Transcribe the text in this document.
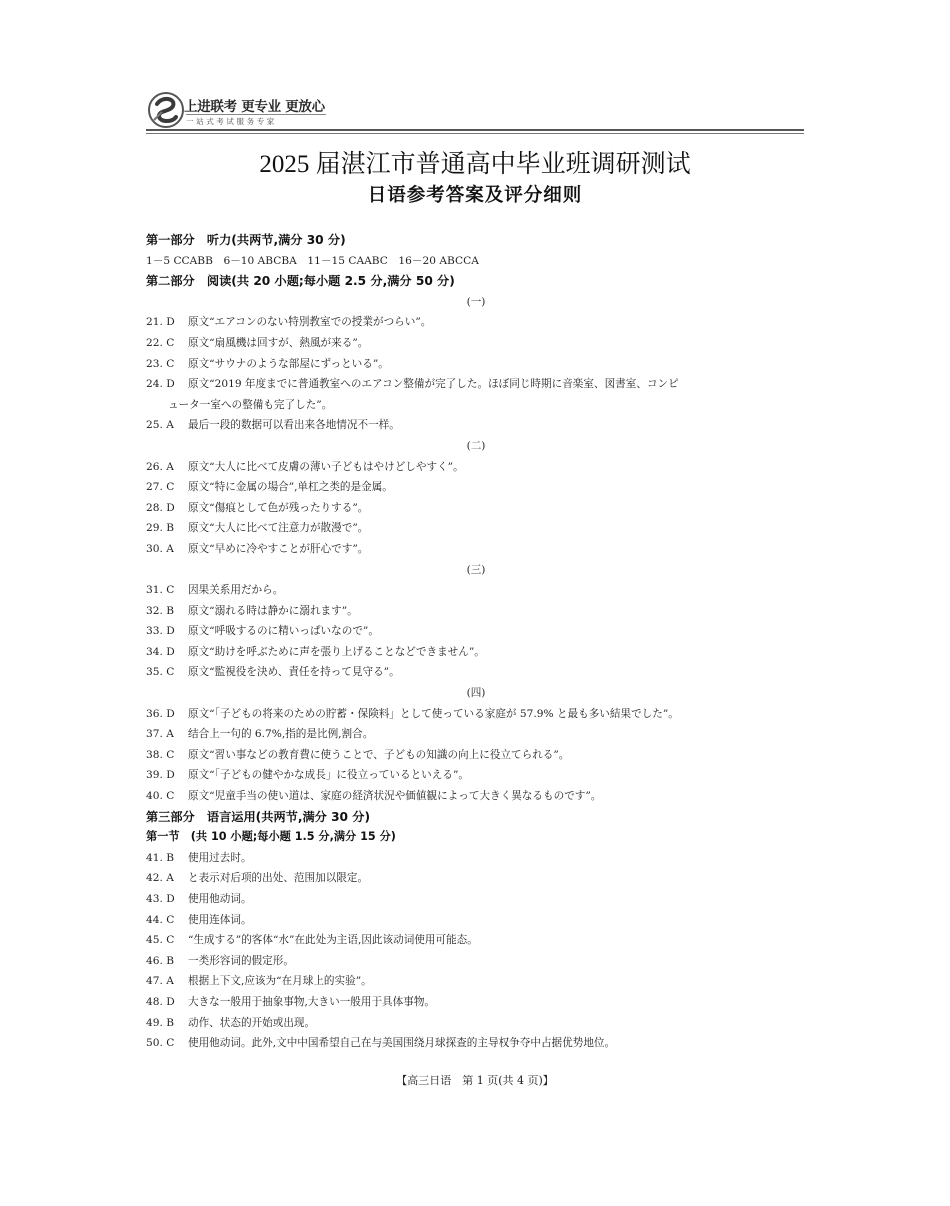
上进联考 更专业 更放心
一站式考试服务专家
2025 届湛江市普通高中毕业班调研测试
日语参考答案及评分细则
第一部分　听力(共两节,满分 30 分)
1－5 CCABB　6－10 ABCBA　11－15 CAABC　16－20 ABCCA
第二部分　阅读(共 20 小题;每小题 2.5 分,满分 50 分)
(一)
21. D 原文“エアコンのない特別教室での授業がつらい”。
22. C 原文“扇風機は回すが、熱風が来る”。
23. C 原文“サウナのような部屋にずっといる”。
24. D 原文“2019 年度までに普通教室へのエアコン整備が完了した。ほぼ同じ時期に音楽室、図書室、コンピ
ュータ一室への整備も完了した”。
25. A 最后一段的数据可以看出来各地情况不一样。
(二)
26. A 原文“大人に比べて皮膚の薄い子どもはやけどしやすく”。
27. C 原文“特に金属の場合”,单杠之类的是金属。
28. D 原文“傷痕として色が残ったりする”。
29. B 原文“大人に比べて注意力が散漫で”。
30. A 原文“早めに冷やすことが肝心です”。
(三)
31. C 因果关系用だから。
32. B 原文“溺れる時は静かに溺れます”。
33. D 原文“呼吸するのに精いっぱいなので”。
34. D 原文“助けを呼ぶために声を張り上げることなどできません”。
35. C 原文“監視役を決め、責任を持って見守る”。
(四)
36. D 原文“「子どもの将来のための貯蓄・保険料」として使っている家庭が 57.9% と最も多い結果でした”。
37. A 结合上一句的 6.7%,指的是比例,割合。
38. C 原文“習い事などの教育費に使うことで、子どもの知識の向上に役立てられる”。
39. D 原文“「子どもの健やかな成長」に役立っているといえる”。
40. C 原文“児童手当の使い道は、家庭の経済状況や価値観によって大きく異なるものです”。
第三部分　语言运用(共两节,满分 30 分)
第一节　(共 10 小题;每小题 1.5 分,满分 15 分)
41. B 使用过去时。
42. A と表示对后项的出处、范围加以限定。
43. D 使用他动词。
44. C 使用连体词。
45. C “生成する”的客体“水”在此处为主语,因此该动词使用可能态。
46. B 一类形容词的假定形。
47. A 根据上下文,应该为“在月球上的实验”。
48. D 大きな一般用于抽象事物,大きい一般用于具体事物。
49. B 动作、状态的开始或出现。
50. C 使用他动词。此外,文中中国希望自己在与美国围绕月球探查的主导权争夺中占据优势地位。
【高三日语　第 1 页(共 4 页)】
